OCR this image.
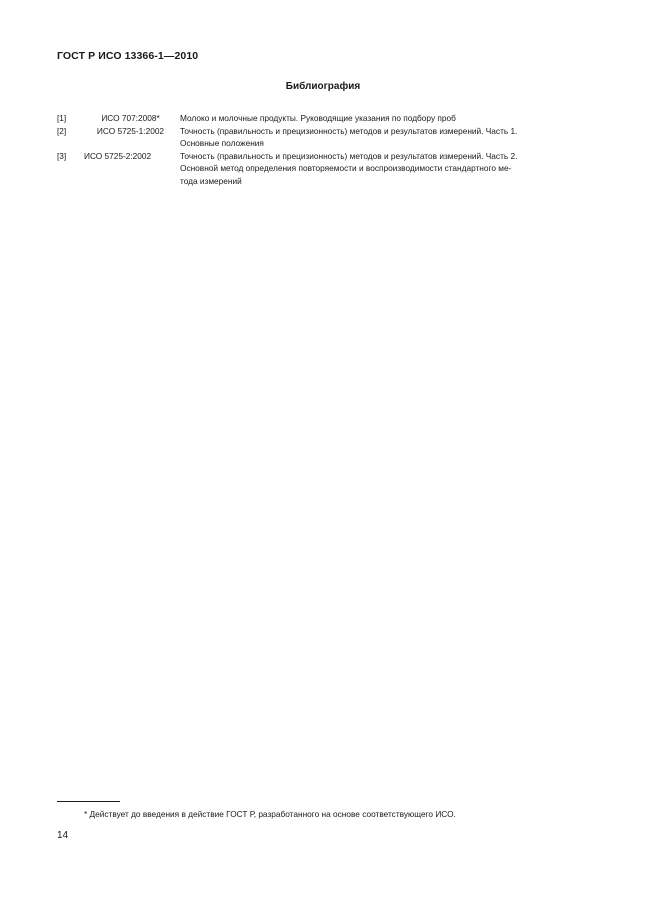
ГОСТ Р ИСО 13366-1—2010
Библиография
[1]	ИСО 707:2008*	Молоко и молочные продукты. Руководящие указания по подбору проб
[2]	ИСО 5725-1:2002	Точность (правильность и прецизионность) методов и результатов измерений. Часть 1.
Основные положения
[3]	ИСО 5725-2:2002	Точность (правильность и прецизионность) методов и результатов измерений. Часть 2.
Основной метод определения повторяемости и воспроизводимости стандартного ме-
тода измерений
* Действует до введения в действие ГОСТ Р, разработанного на основе соответствующего ИСО.
14
